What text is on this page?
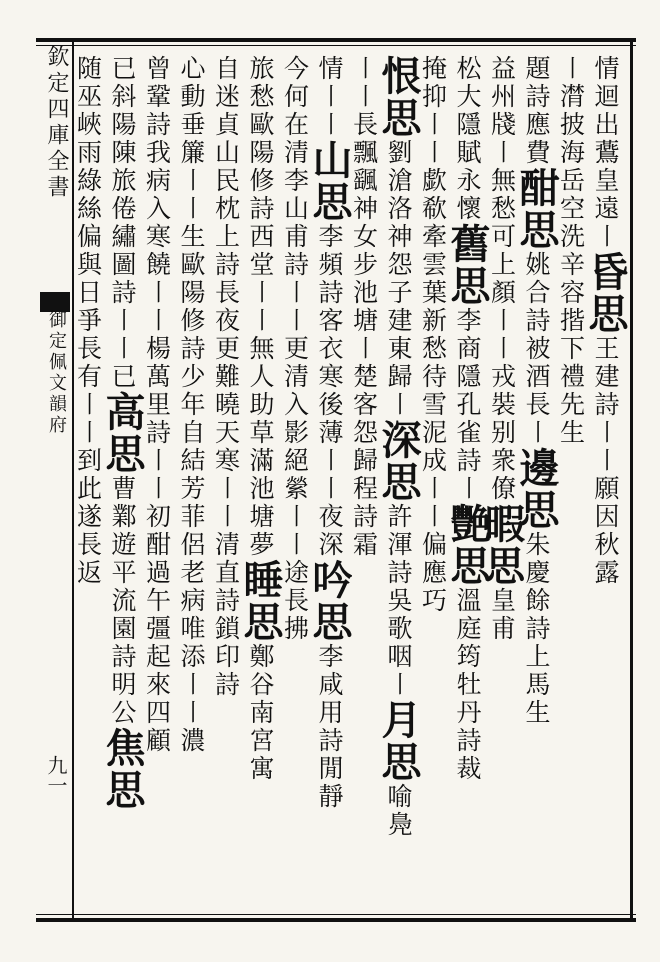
欽定四庫全書
御定佩文韻府
九一
情迴出鷰皇遠〡昏思王建詩〡〡願因秋露
〡潸披海岳空洗辛容揩下禮先生
題詩應費酣思姚合詩被酒長〡邊思朱慶餘詩上馬生
益州牋〡無愁可上顏〡〡戎裝别衆僚暇思皇甫
松大隱賦永懷舊思李商隱孔雀詩〡艷思溫庭筠牡丹詩裁
掩抑〡〡歔欷牽雲葉新愁待雪泥成〡〡偏應巧
恨思劉滄洛神怨子建東歸〡深思許渾詩吳歌咽〡月思喻鳧
〡〡長飄颻神女步池塘〡楚客怨歸程詩霜
情〡〡山思李頻詩客衣寒後薄〡〡夜深吟思李咸用詩閒靜
今何在清李山甫詩〡〡更清入影絕縈〡〡途長拂
旅愁歐陽修詩西堂〡〡無人助草滿池塘夢睡思鄭谷南宮寓
自迷貞山民枕上詩長夜更難曉天寒〡〡清直詩鎖印詩
心動垂簾〡〡生歐陽修詩少年自結芳菲侶老病唯添〡〡濃
曾鞏詩我病入寒饒〡〡楊萬里詩〡〡初酣過午彊起來四顧
已斜陽陳旅倦繡圖詩〡〡已高思曹鄴遊平流園詩明公焦思
随巫峽雨綠絲偏與日爭長有〡〡到此遂長返
